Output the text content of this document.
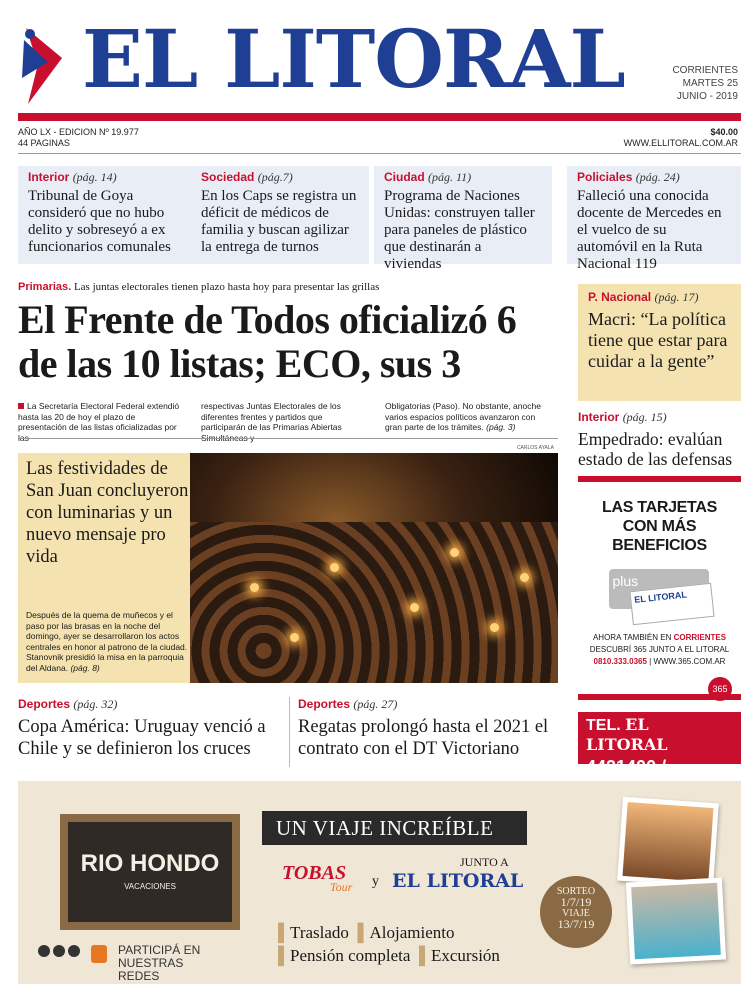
EL LITORAL	CORRIENTES
MARTES 25
JUNIO - 2019
AÑO LX - EDICION Nº 19.977
44 PAGINAS
$40.00
WWW.ELLITORAL.COM.AR
Interior (pág. 14)
Tribunal de Goya consideró que no hubo delito y sobreseyó a ex funcionarios comunales
Sociedad (pág.7)
En los Caps se registra un déficit de médicos de familia y buscan agilizar la entrega de turnos
Ciudad (pág. 11)
Programa de Naciones Unidas: construyen taller para paneles de plástico que destinarán a viviendas
Policiales (pág. 24)
Falleció una conocida docente de Mercedes en el vuelco de su automóvil en la Ruta Nacional 119
Primarias. Las juntas electorales tienen plazo hasta hoy para presentar las grillas
El Frente de Todos oficializó 6 de las 10 listas; ECO, sus 3
La Secretaría Electoral Federal extendió hasta las 20 de hoy el plazo de presentación de las listas oficializadas por
respectivas Juntas Electorales de los diferentes frentes y partidos que participarán de las Primarias Abiertas
Obligatorias (Paso). No obstante, anoche varios espacios políticos avanzaron con gran parte de los trámites. (pág. 3)
Las festividades de San Juan concluyeron con luminarias y un nuevo mensaje pro vida
Después de la quema de muñecos y el paso por las brasas en la noche del domingo, ayer se desarrollaron los actos centrales en honor al patrono de la ciudad. Stanovnik presidió la misa en la parroquia del Aldana. (pág. 8)
CARLOS AYALA
P. Nacional (pág. 17)
Macri: “La política tiene que estar para cuidar a la gente”
Interior (pág. 15)
Empedrado: evalúan estado de las defensas
LAS TARJETAS CON MÁS BENEFICIOS
plus
EL LITORAL
AHORA TAMBIÉN EN CORRIENTES
DESCUBRÍ 365 JUNTO A EL LITORAL
0810.333.0365 | WWW.365.COM.AR
365
TEL. EL LITORAL
4421400 /
Deportes (pág. 32)
Copa América: Uruguay venció a Chile y se definieron los cruces
Deportes (pág. 27)
Regatas prolongó hasta el 2021 el contrato con el DT Victoriano
RIO HONDO
VACACIONES
PARTICIPÁ EN NUESTRAS REDES
UN VIAJE INCREÍBLE
JUNTO A
TOBAS
Tour y EL LITORAL
▌Traslado ▌Alojamiento
▌Pensión completa ▌Excursión
SORTEO
1/7/19
VIAJE
13/7/19
